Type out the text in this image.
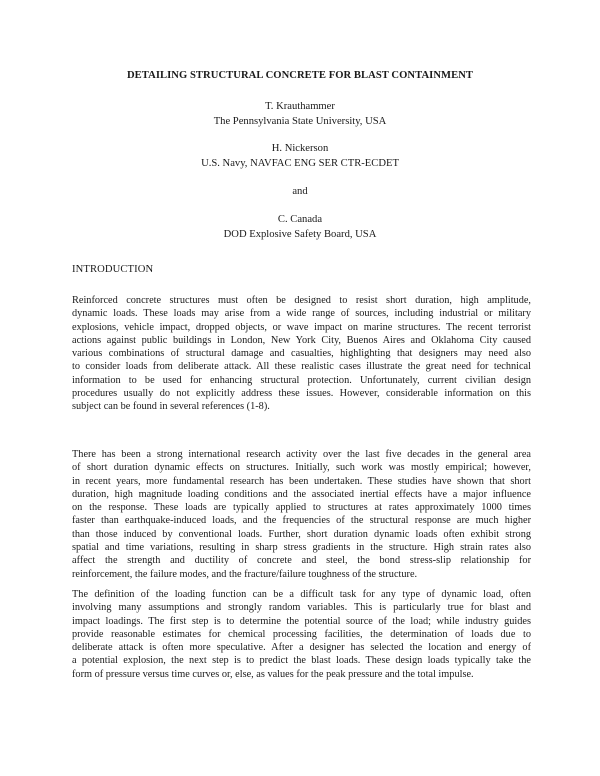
DETAILING STRUCTURAL CONCRETE FOR BLAST CONTAINMENT
T. Krauthammer
The Pennsylvania State University, USA
H. Nickerson
U.S. Navy, NAVFAC ENG SER CTR-ECDET
and
C. Canada
DOD Explosive Safety Board, USA
INTRODUCTION
Reinforced concrete structures must often be designed to resist short duration, high amplitude,
dynamic loads. These loads may arise from a wide range of sources, including industrial or military
explosions, vehicle impact, dropped objects, or wave impact on marine structures. The recent terrorist
actions against public buildings in London, New York City, Buenos Aires and Oklahoma City caused
various combinations of structural damage and casualties, highlighting that designers may need also
to consider loads from deliberate attack. All these realistic cases illustrate the great need for technical
information to be used for enhancing structural protection. Unfortunately, current civilian design
procedures usually do not explicitly address these issues. However, considerable information on this
subject can be found in several references (1-8).
There has been a strong international research activity over the last five decades in the general area
of short duration dynamic effects on structures. Initially, such work was mostly empirical; however,
in recent years, more fundamental research has been undertaken. These studies have shown that short
duration, high magnitude loading conditions and the associated inertial effects have a major influence
on the response. These loads are typically applied to structures at rates approximately 1000 times
faster than earthquake-induced loads, and the frequencies of the structural response are much higher
than those induced by conventional loads. Further, short duration dynamic loads often exhibit strong
spatial and time variations, resulting in sharp stress gradients in the structure. High strain rates also
affect the strength and ductility of concrete and steel, the bond stress-slip relationship for
reinforcement, the failure modes, and the fracture/failure toughness of the structure.
The definition of the loading function can be a difficult task for any type of dynamic load, often
involving many assumptions and strongly random variables. This is particularly true for blast and
impact loadings. The first step is to determine the potential source of the load; while industry guides
provide reasonable estimates for chemical processing facilities, the determination of loads due to
deliberate attack is often more speculative. After a designer has selected the location and energy of
a potential explosion, the next step is to predict the blast loads. These design loads typically take the
form of pressure versus time curves or, else, as values for the peak pressure and the total impulse.
